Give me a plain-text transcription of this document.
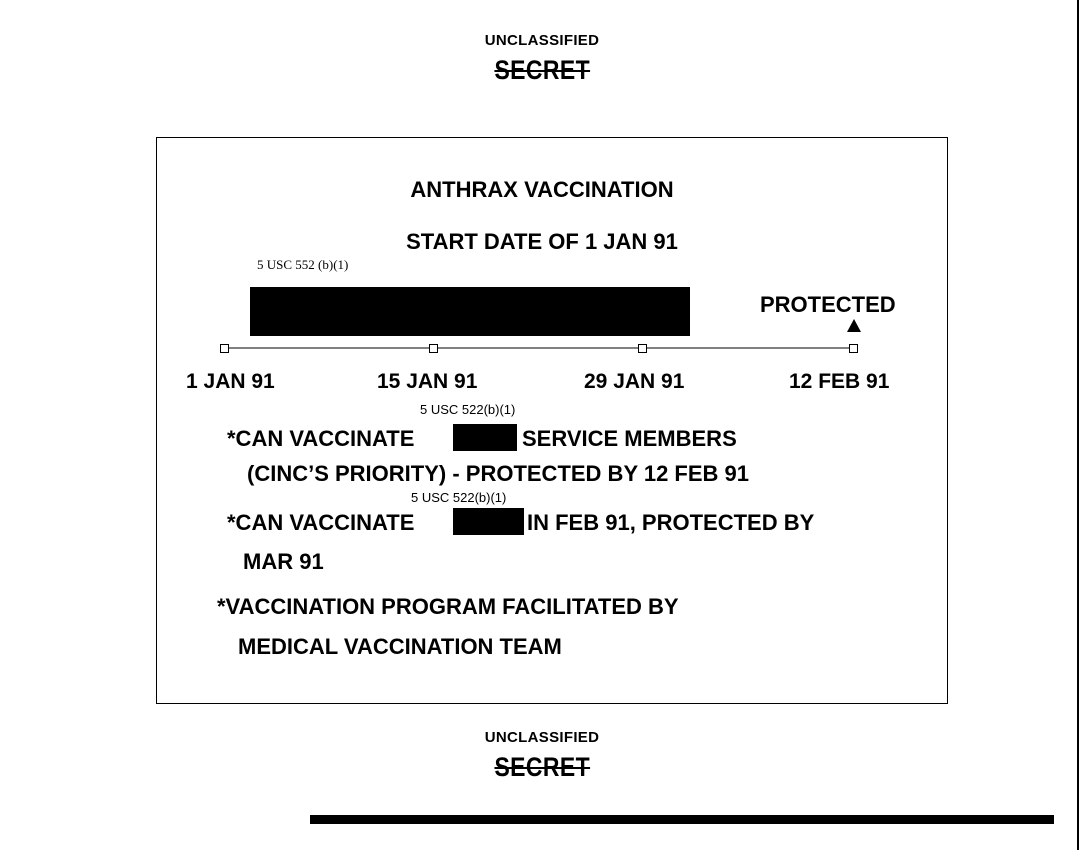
UNCLASSIFIED
SECRET
ANTHRAX VACCINATION
START DATE OF 1 JAN 91
5 USC 552 (b)(1)
PROTECTED
1 JAN 91	15 JAN 91	29 JAN 91	12 FEB 91
5 USC 522(b)(1)
*CAN VACCINATE	SERVICE MEMBERS
(CINC’S PRIORITY) - PROTECTED BY 12 FEB 91
5 USC 522(b)(1)
*CAN VACCINATE	IN FEB 91, PROTECTED BY
MAR 91
*VACCINATION PROGRAM FACILITATED BY
MEDICAL VACCINATION TEAM
UNCLASSIFIED
SECRET
